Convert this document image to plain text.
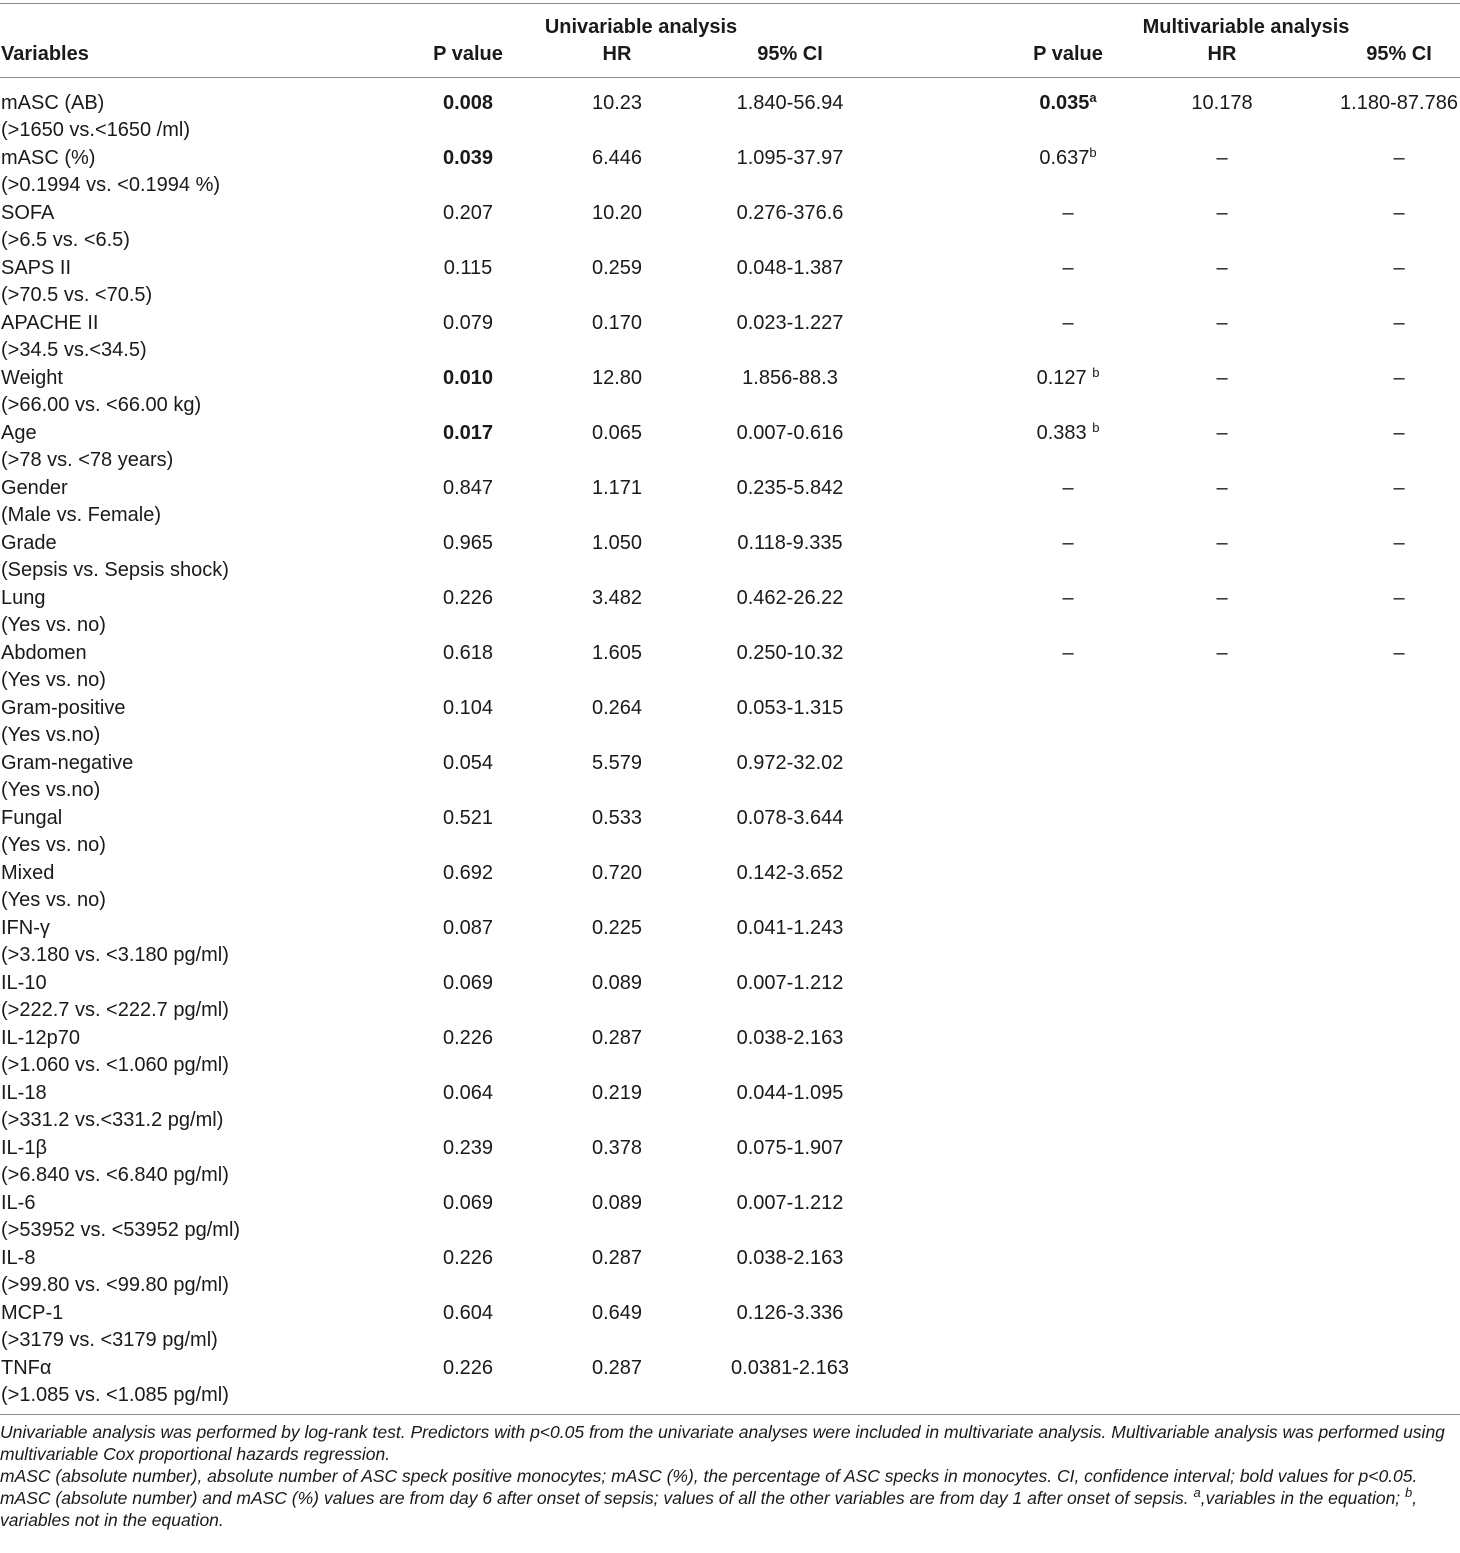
Univariable analysis	Multivariable analysis
Variables	P value	HR	95% CI	P value	HR	95% CI
mASC (AB)
(>1650 vs.<1650 /ml)
0.008	10.23	1.840-56.94	0.035$^a$	10.178	1.180-87.786
mASC (%)
(>0.1994 vs. <0.1994 %)
0.039	6.446	1.095-37.97	0.637$^b$	–	–
SOFA
(>6.5 vs. <6.5)
0.207	10.20	0.276-376.6	–	–	–
SAPS II
(>70.5 vs. <70.5)
0.115	0.259	0.048-1.387	–	–	–
APACHE II
(>34.5 vs.<34.5)
0.079	0.170	0.023-1.227	–	–	–
Weight
(>66.00 vs. <66.00 kg)
0.010	12.80	1.856-88.3	0.127 $^b$	–	–
Age
(>78 vs. <78 years)
0.017	0.065	0.007-0.616	0.383 $^b$	–	–
Gender
(Male vs. Female)
0.847	1.171	0.235-5.842	–	–	–
Grade
(Sepsis vs. Sepsis shock)
0.965	1.050	0.118-9.335	–	–	–
Lung
(Yes vs. no)
0.226	3.482	0.462-26.22	–	–	–
Abdomen
(Yes vs. no)
0.618	1.605	0.250-10.32	–	–	–
Gram-positive
(Yes vs.no)
0.104	0.264	0.053-1.315
Gram-negative
(Yes vs.no)
0.054	5.579	0.972-32.02
Fungal
(Yes vs. no)
0.521	0.533	0.078-3.644
Mixed
(Yes vs. no)
0.692	0.720	0.142-3.652
IFN-γ
(>3.180 vs. <3.180 pg/ml)
0.087	0.225	0.041-1.243
IL-10
(>222.7 vs. <222.7 pg/ml)
0.069	0.089	0.007-1.212
IL-12p70
(>1.060 vs. <1.060 pg/ml)
0.226	0.287	0.038-2.163
IL-18
(>331.2 vs.<331.2 pg/ml)
0.064	0.219	0.044-1.095
IL-1β
(>6.840 vs. <6.840 pg/ml)
0.239	0.378	0.075-1.907
IL-6
(>53952 vs. <53952 pg/ml)
0.069	0.089	0.007-1.212
IL-8
(>99.80 vs. <99.80 pg/ml)
0.226	0.287	0.038-2.163
MCP-1
(>3179 vs. <3179 pg/ml)
0.604	0.649	0.126-3.336
TNFα
(>1.085 vs. <1.085 pg/ml)
0.226	0.287	0.0381-2.163

Univariable analysis was performed by log-rank test. Predictors with p<0.05 from the univariate analyses were included in multivariate analysis. Multivariable analysis was performed using multivariable Cox proportional hazards regression.

mASC (absolute number), absolute number of ASC speck positive monocytes; mASC (%), the percentage of ASC specks in monocytes. CI, confidence interval; bold values for p<0.05.

mASC (absolute number) and mASC (%) values are from day 6 after onset of sepsis; values of all the other variables are from day 1 after onset of sepsis. $^a$,variables in the equation; $^b$, variables not in the equation.
